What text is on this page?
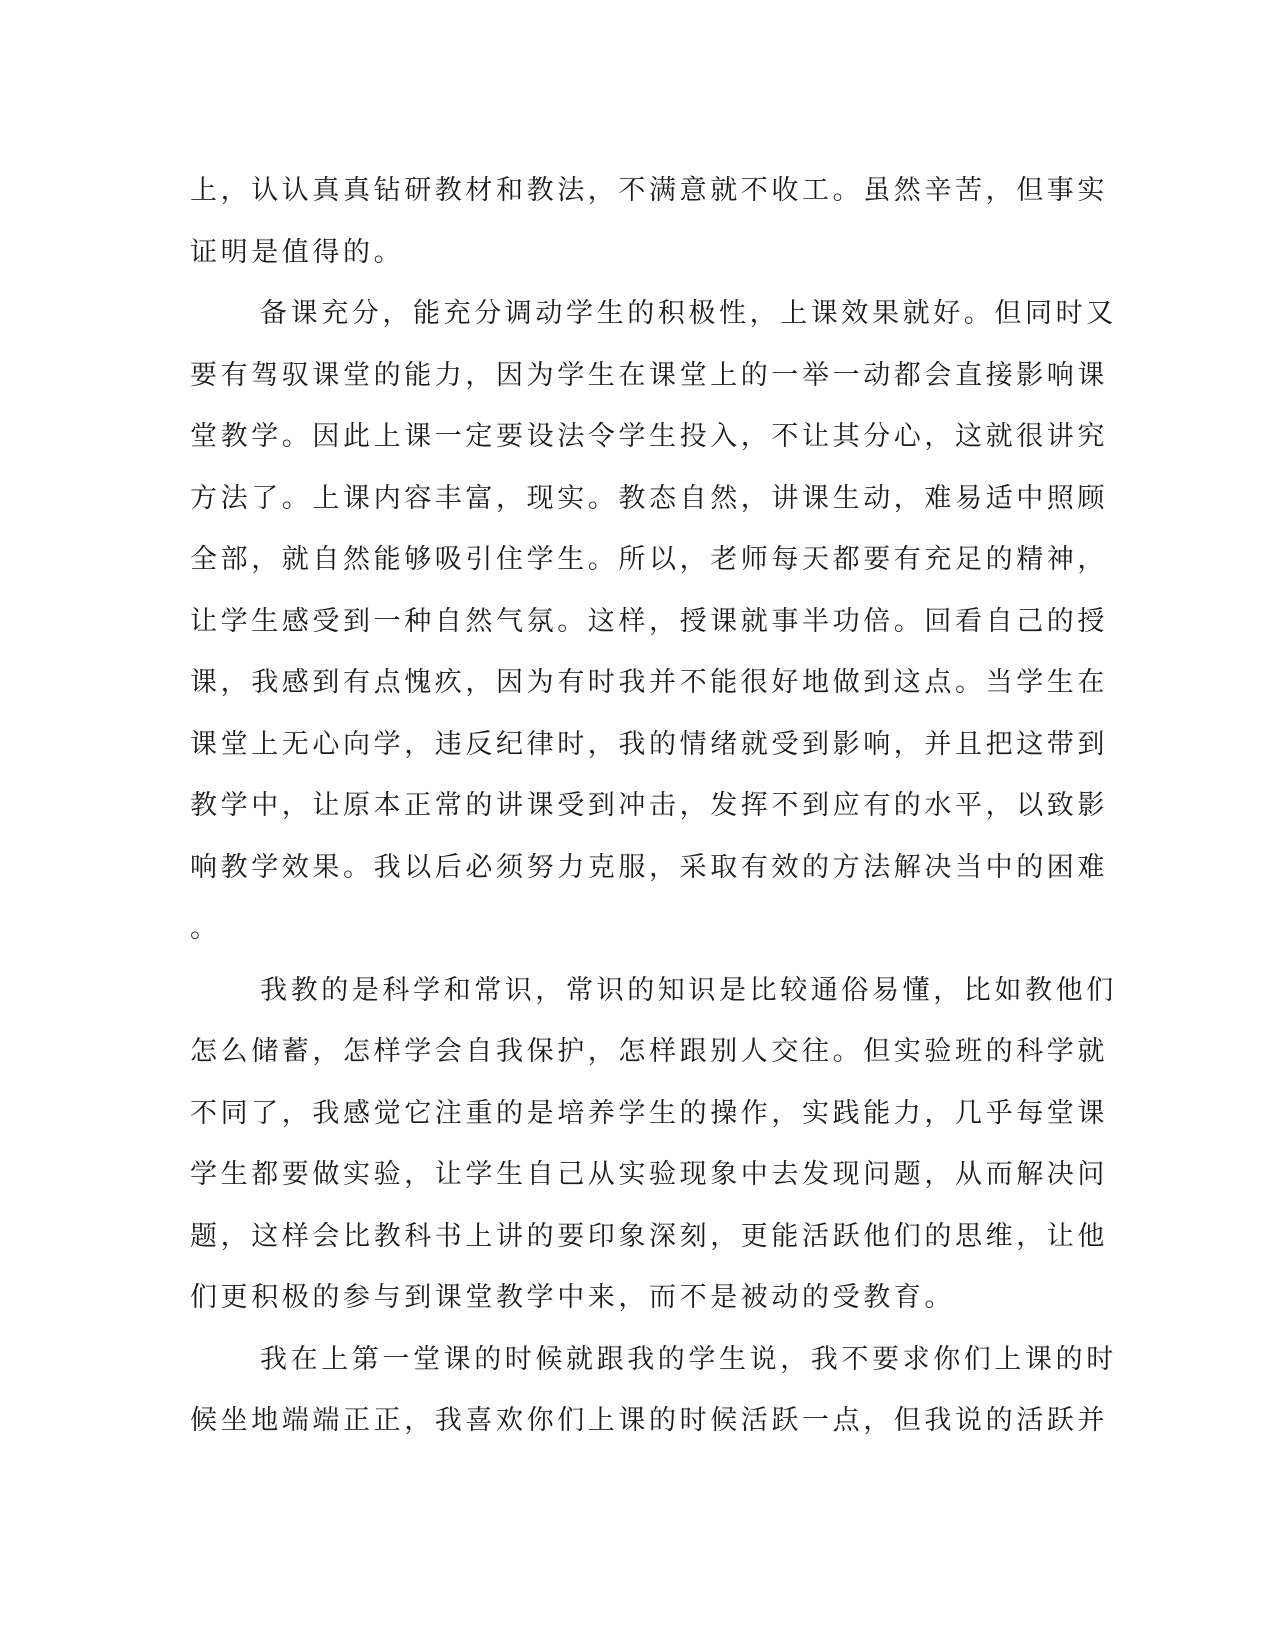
上，认认真真钻研教材和教法，不满意就不收工。虽然辛苦，但事实
证明是值得的。
备课充分，能充分调动学生的积极性，上课效果就好。但同时又
要有驾驭课堂的能力，因为学生在课堂上的一举一动都会直接影响课
堂教学。因此上课一定要设法令学生投入，不让其分心，这就很讲究
方法了。上课内容丰富，现实。教态自然，讲课生动，难易适中照顾
全部，就自然能够吸引住学生。所以，老师每天都要有充足的精神，
让学生感受到一种自然气氛。这样，授课就事半功倍。回看自己的授
课，我感到有点愧疚，因为有时我并不能很好地做到这点。当学生在
课堂上无心向学，违反纪律时，我的情绪就受到影响，并且把这带到
教学中，让原本正常的讲课受到冲击，发挥不到应有的水平，以致影
响教学效果。我以后必须努力克服，采取有效的方法解决当中的困难
。
我教的是科学和常识，常识的知识是比较通俗易懂，比如教他们
怎么储蓄，怎样学会自我保护，怎样跟别人交往。但实验班的科学就
不同了，我感觉它注重的是培养学生的操作，实践能力，几乎每堂课
学生都要做实验，让学生自己从实验现象中去发现问题，从而解决问
题，这样会比教科书上讲的要印象深刻，更能活跃他们的思维，让他
们更积极的参与到课堂教学中来，而不是被动的受教育。
我在上第一堂课的时候就跟我的学生说，我不要求你们上课的时
候坐地端端正正，我喜欢你们上课的时候活跃一点，但我说的活跃并
